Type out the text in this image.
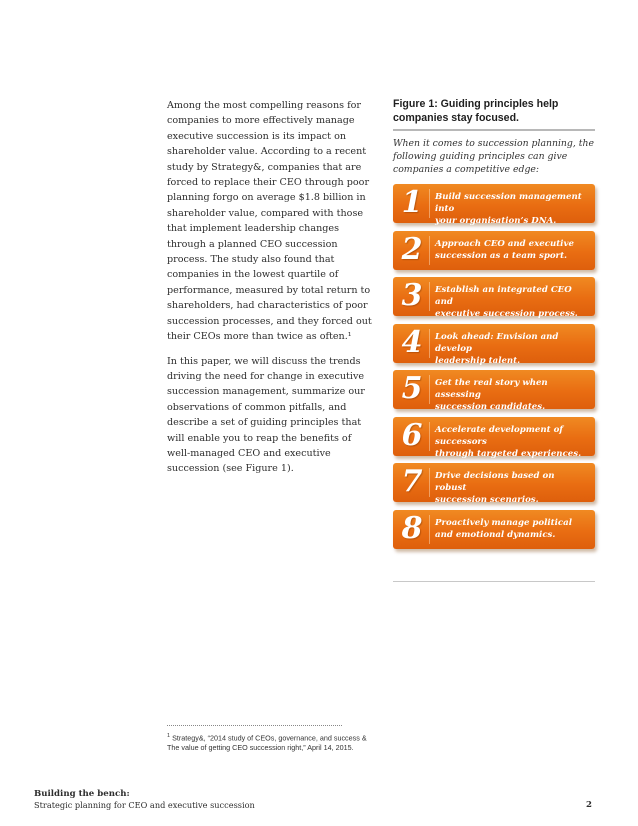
Among the most compelling reasons for companies to more effectively manage executive succession is its impact on shareholder value. According to a recent study by Strategy&, companies that are forced to replace their CEO through poor planning forgo on average $1.8 billion in shareholder value, compared with those that implement leadership changes through a planned CEO succession process. The study also found that companies in the lowest quartile of performance, measured by total return to shareholders, had characteristics of poor succession processes, and they forced out their CEOs more than twice as often.¹

In this paper, we will discuss the trends driving the need for change in executive succession management, summarize our observations of common pitfalls, and describe a set of guiding principles that will enable you to reap the benefits of well-managed CEO and executive succession (see Figure 1).

Figure 1: Guiding principles help companies stay focused.
When it comes to succession planning, the following guiding principles can give companies a competitive edge:
1	Build succession management into
your organisation’s DNA.
2	Approach CEO and executive
succession as a team sport.
3	Establish an integrated CEO and
executive succession process.
4	Look ahead: Envision and develop
leadership talent.
5	Get the real story when assessing
succession candidates.
6	Accelerate development of successors
through targeted experiences.
7	Drive decisions based on robust
succession scenarios.
8	Proactively manage political
and emotional dynamics.
$^1$ Strategy&, “2014 study of CEOs, governance, and success & The value of getting CEO succession right,” April 14, 2015.
Building the bench:
Strategic planning for CEO and executive succession	2
